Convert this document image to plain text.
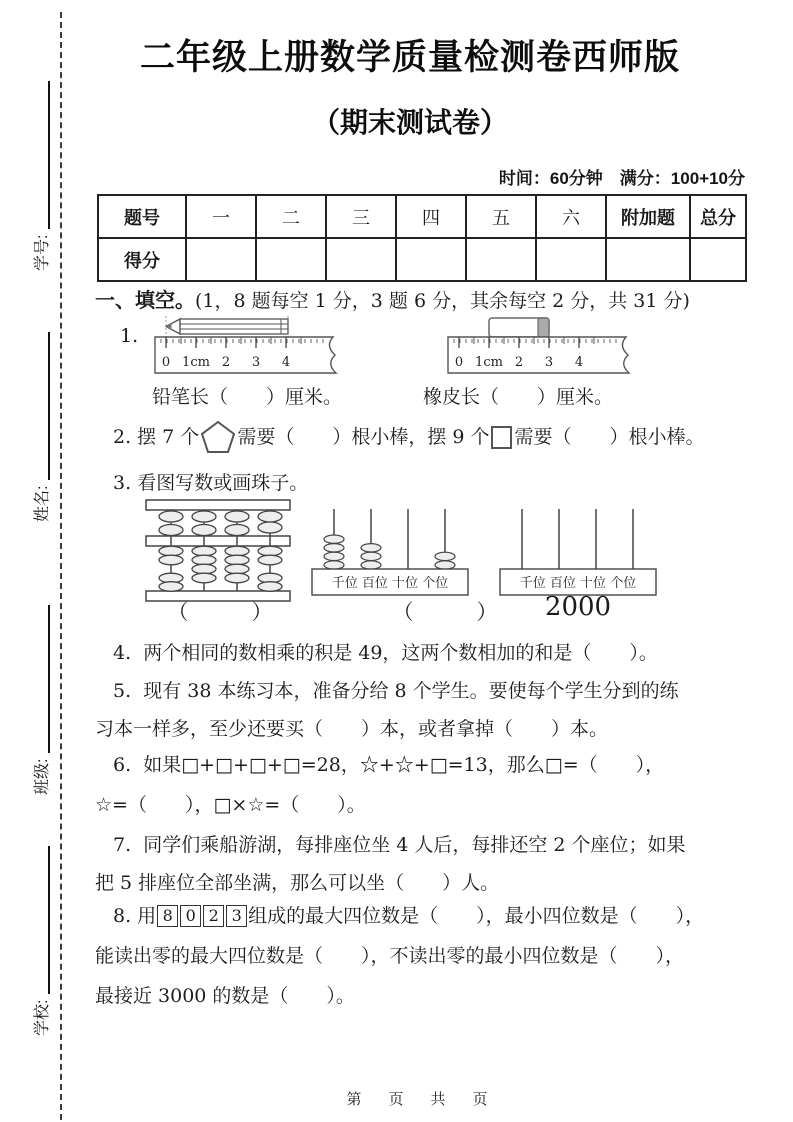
学号:
姓名:
班级:
学校:
二年级上册数学质量检测卷西师版
（期末测试卷）
时间：60分钟　满分：100+10分
题号	一	二	三	四	五	六	附加题	总分
得分								
一、填空。(1，8 题每空 1 分，3 题 6 分，其余每空 2 分，共 31 分)
1.
0 1cm 2 3 4	0 1cm 2 3 4
铅笔长（　　）厘米。	橡皮长（　　）厘米。
2. 摆 7 个 需要（　　）根小棒，摆 9 个 需要（　　）根小棒。
3. 看图写数或画珠子。
千位 百位 十位 个位	千位 百位 十位 个位
（　　　）	（　　　）	2000
4. 两个相同的数相乘的积是 49，这两个数相加的和是（　　）。
5. 现有 38 本练习本，准备分给 8 个学生。要使每个学生分到的练
习本一样多，至少还要买（　　）本，或者拿掉（　　）本。
6. 如果□+□+□+□=28，☆+☆+□=13，那么□=（　　），
☆=（　　），□×☆=（　　）。
7. 同学们乘船游湖，每排座位坐 4 人后，每排还空 2 个座位；如果
把 5 排座位全部坐满，那么可以坐（　　）人。
8. 用 8 0 2 3 组成的最大四位数是（　　），最小四位数是（　　），
能读出零的最大四位数是（　　），不读出零的最小四位数是（　　），
最接近 3000 的数是（　　）。
第　页　共　页
